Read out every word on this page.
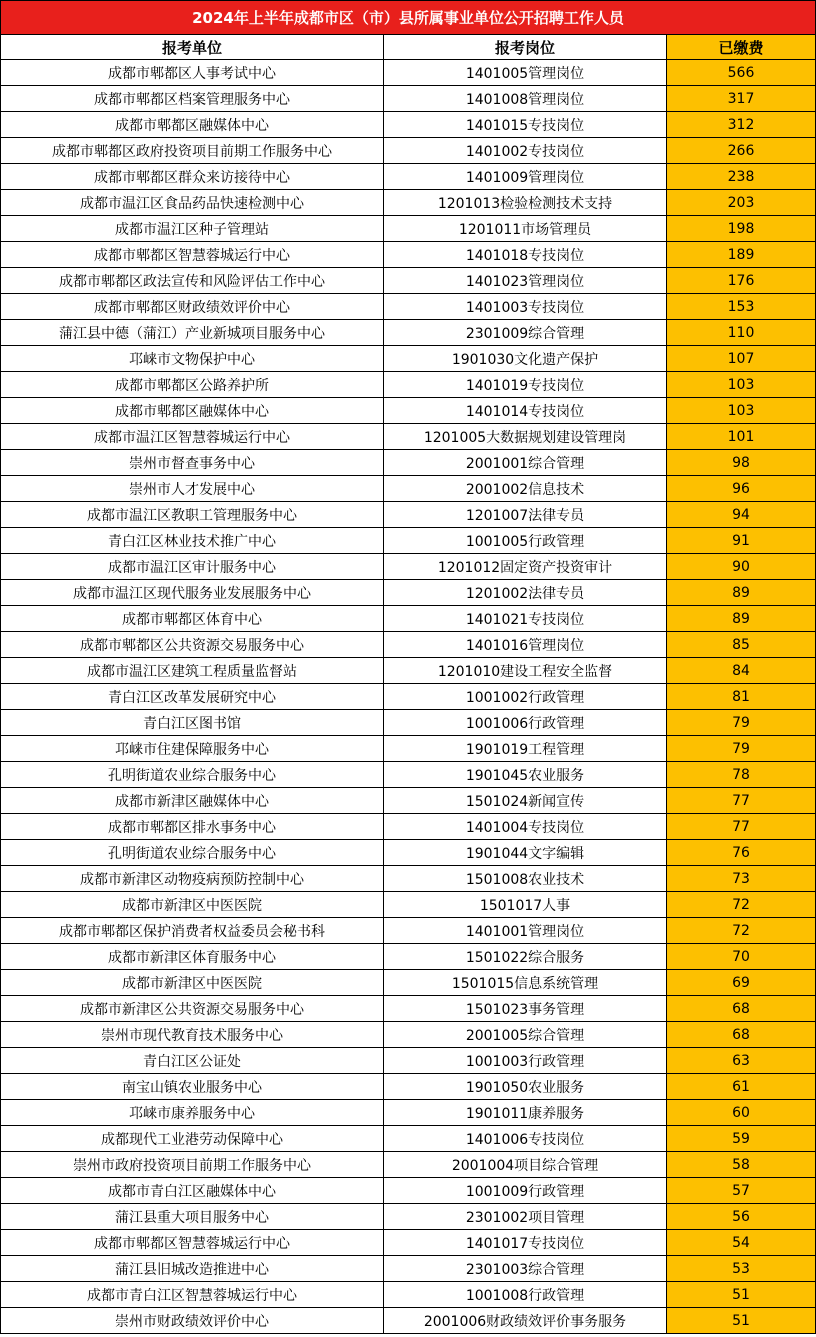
2024年上半年成都市区（市）县所属事业单位公开招聘工作人员		
报考单位	报考岗位	已缴费
成都市郫都区人事考试中心	1401005管理岗位	566
成都市郫都区档案管理服务中心	1401008管理岗位	317
成都市郫都区融媒体中心	1401015专技岗位	312
成都市郫都区政府投资项目前期工作服务中心	1401002专技岗位	266
成都市郫都区群众来访接待中心	1401009管理岗位	238
成都市温江区食品药品快速检测中心	1201013检验检测技术支持	203
成都市温江区种子管理站	1201011市场管理员	198
成都市郫都区智慧蓉城运行中心	1401018专技岗位	189
成都市郫都区政法宣传和风险评估工作中心	1401023管理岗位	176
成都市郫都区财政绩效评价中心	1401003专技岗位	153
蒲江县中德（蒲江）产业新城项目服务中心	2301009综合管理	110
邛崃市文物保护中心	1901030文化遗产保护	107
成都市郫都区公路养护所	1401019专技岗位	103
成都市郫都区融媒体中心	1401014专技岗位	103
成都市温江区智慧蓉城运行中心	1201005大数据规划建设管理岗	101
崇州市督查事务中心	2001001综合管理	98
崇州市人才发展中心	2001002信息技术	96
成都市温江区教职工管理服务中心	1201007法律专员	94
青白江区林业技术推广中心	1001005行政管理	91
成都市温江区审计服务中心	1201012固定资产投资审计	90
成都市温江区现代服务业发展服务中心	1201002法律专员	89
成都市郫都区体育中心	1401021专技岗位	89
成都市郫都区公共资源交易服务中心	1401016管理岗位	85
成都市温江区建筑工程质量监督站	1201010建设工程安全监督	84
青白江区改革发展研究中心	1001002行政管理	81
青白江区图书馆	1001006行政管理	79
邛崃市住建保障服务中心	1901019工程管理	79
孔明街道农业综合服务中心	1901045农业服务	78
成都市新津区融媒体中心	1501024新闻宣传	77
成都市郫都区排水事务中心	1401004专技岗位	77
孔明街道农业综合服务中心	1901044文字编辑	76
成都市新津区动物疫病预防控制中心	1501008农业技术	73
成都市新津区中医医院	1501017人事	72
成都市郫都区保护消费者权益委员会秘书科	1401001管理岗位	72
成都市新津区体育服务中心	1501022综合服务	70
成都市新津区中医医院	1501015信息系统管理	69
成都市新津区公共资源交易服务中心	1501023事务管理	68
崇州市现代教育技术服务中心	2001005综合管理	68
青白江区公证处	1001003行政管理	63
南宝山镇农业服务中心	1901050农业服务	61
邛崃市康养服务中心	1901011康养服务	60
成都现代工业港劳动保障中心	1401006专技岗位	59
崇州市政府投资项目前期工作服务中心	2001004项目综合管理	58
成都市青白江区融媒体中心	1001009行政管理	57
蒲江县重大项目服务中心	2301002项目管理	56
成都市郫都区智慧蓉城运行中心	1401017专技岗位	54
蒲江县旧城改造推进中心	2301003综合管理	53
成都市青白江区智慧蓉城运行中心	1001008行政管理	51
崇州市财政绩效评价中心	2001006财政绩效评价事务服务	51
